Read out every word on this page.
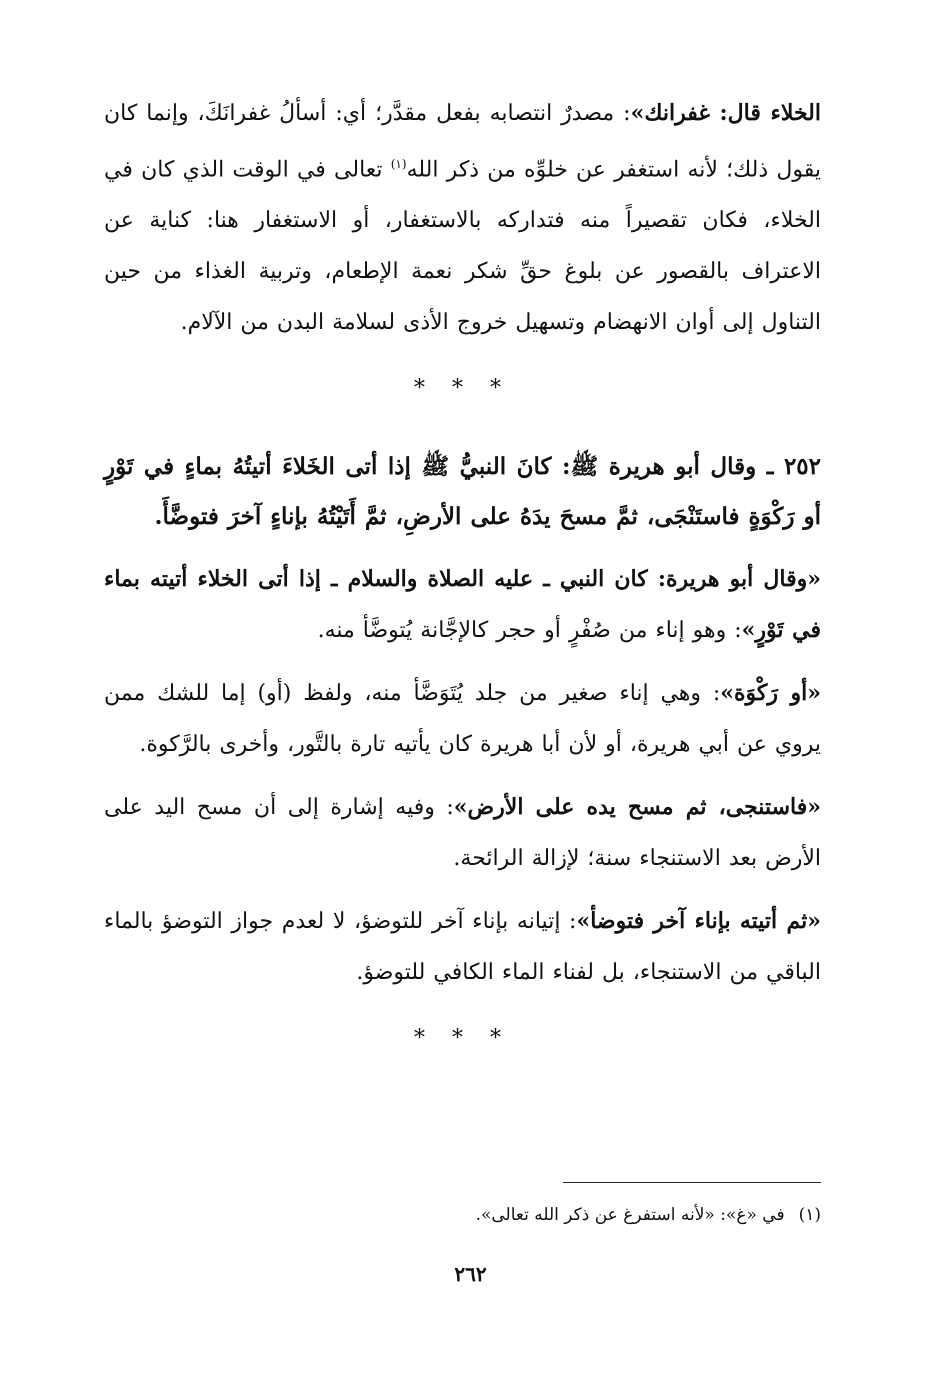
الخلاء قال: غفرانك»: مصدرٌ انتصابه بفعل مقدَّر؛ أي: أسألُ غفرانَكَ، وإنما كان يقول ذلك؛ لأنه استغفر عن خلوِّه من ذكر الله$^{(١)}$ تعالى في الوقت الذي كان في الخلاء، فكان تقصيراً منه فتداركه بالاستغفار، أو الاستغفار هنا: كناية عن الاعتراف بالقصور عن بلوغ حقِّ شكر نعمة الإطعام، وتربية الغذاء من حين التناول إلى أوان الانهضام وتسهيل خروج الأذى لسلامة البدن من الآلام.

* * *

٢٥٢ ـ وقال أبو هريرة ﷺ: كانَ النبيُّ ﷺ إذا أتى الخَلاءَ أتيتُهُ بماءٍ في تَوْرٍ أو رَكْوَةٍ فاستَنْجَى، ثمَّ مسحَ يدَهُ على الأرضِ، ثمَّ أَتَيْتُهُ بإناءٍ آخرَ فتوضَّأَ.

«وقال أبو هريرة: كان النبي ـ عليه الصلاة والسلام ـ إذا أتى الخلاء أتيته بماء في تَوْرٍ»: وهو إناء من صُفْرٍ أو حجر كالإجَّانة يُتوضَّأ منه.

«أو رَكْوَة»: وهي إناء صغير من جلد يُتَوَضَّأ منه، ولفظ (أو) إما للشك ممن يروي عن أبي هريرة، أو لأن أبا هريرة كان يأتيه تارة بالتَّور، وأخرى بالرَّكوة.

«فاستنجى، ثم مسح يده على الأرض»: وفيه إشارة إلى أن مسح اليد على الأرض بعد الاستنجاء سنة؛ لإزالة الرائحة.

«ثم أتيته بإناء آخر فتوضأ»: إتيانه بإناء آخر للتوضؤ، لا لعدم جواز التوضؤ بالماء الباقي من الاستنجاء، بل لفناء الماء الكافي للتوضؤ.

* * *
(١)في «غ»: «لأنه استفرغ عن ذكر الله تعالى».
٢٦٢
